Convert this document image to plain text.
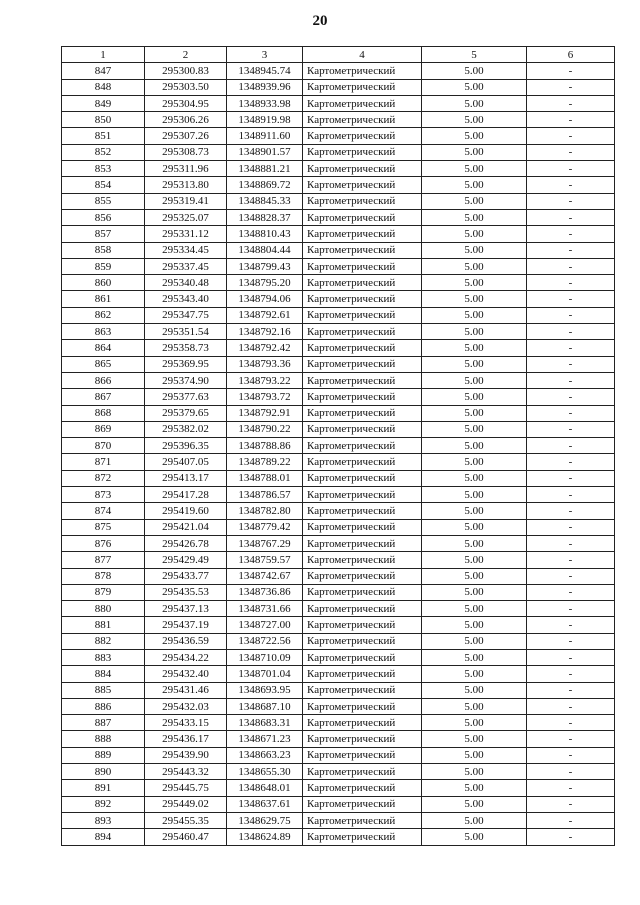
20
1	2	3	4	5	6
847	295300.83	1348945.74	Картометрический	5.00	-
848	295303.50	1348939.96	Картометрический	5.00	-
849	295304.95	1348933.98	Картометрический	5.00	-
850	295306.26	1348919.98	Картометрический	5.00	-
851	295307.26	1348911.60	Картометрический	5.00	-
852	295308.73	1348901.57	Картометрический	5.00	-
853	295311.96	1348881.21	Картометрический	5.00	-
854	295313.80	1348869.72	Картометрический	5.00	-
855	295319.41	1348845.33	Картометрический	5.00	-
856	295325.07	1348828.37	Картометрический	5.00	-
857	295331.12	1348810.43	Картометрический	5.00	-
858	295334.45	1348804.44	Картометрический	5.00	-
859	295337.45	1348799.43	Картометрический	5.00	-
860	295340.48	1348795.20	Картометрический	5.00	-
861	295343.40	1348794.06	Картометрический	5.00	-
862	295347.75	1348792.61	Картометрический	5.00	-
863	295351.54	1348792.16	Картометрический	5.00	-
864	295358.73	1348792.42	Картометрический	5.00	-
865	295369.95	1348793.36	Картометрический	5.00	-
866	295374.90	1348793.22	Картометрический	5.00	-
867	295377.63	1348793.72	Картометрический	5.00	-
868	295379.65	1348792.91	Картометрический	5.00	-
869	295382.02	1348790.22	Картометрический	5.00	-
870	295396.35	1348788.86	Картометрический	5.00	-
871	295407.05	1348789.22	Картометрический	5.00	-
872	295413.17	1348788.01	Картометрический	5.00	-
873	295417.28	1348786.57	Картометрический	5.00	-
874	295419.60	1348782.80	Картометрический	5.00	-
875	295421.04	1348779.42	Картометрический	5.00	-
876	295426.78	1348767.29	Картометрический	5.00	-
877	295429.49	1348759.57	Картометрический	5.00	-
878	295433.77	1348742.67	Картометрический	5.00	-
879	295435.53	1348736.86	Картометрический	5.00	-
880	295437.13	1348731.66	Картометрический	5.00	-
881	295437.19	1348727.00	Картометрический	5.00	-
882	295436.59	1348722.56	Картометрический	5.00	-
883	295434.22	1348710.09	Картометрический	5.00	-
884	295432.40	1348701.04	Картометрический	5.00	-
885	295431.46	1348693.95	Картометрический	5.00	-
886	295432.03	1348687.10	Картометрический	5.00	-
887	295433.15	1348683.31	Картометрический	5.00	-
888	295436.17	1348671.23	Картометрический	5.00	-
889	295439.90	1348663.23	Картометрический	5.00	-
890	295443.32	1348655.30	Картометрический	5.00	-
891	295445.75	1348648.01	Картометрический	5.00	-
892	295449.02	1348637.61	Картометрический	5.00	-
893	295455.35	1348629.75	Картометрический	5.00	-
894	295460.47	1348624.89	Картометрический	5.00	-
